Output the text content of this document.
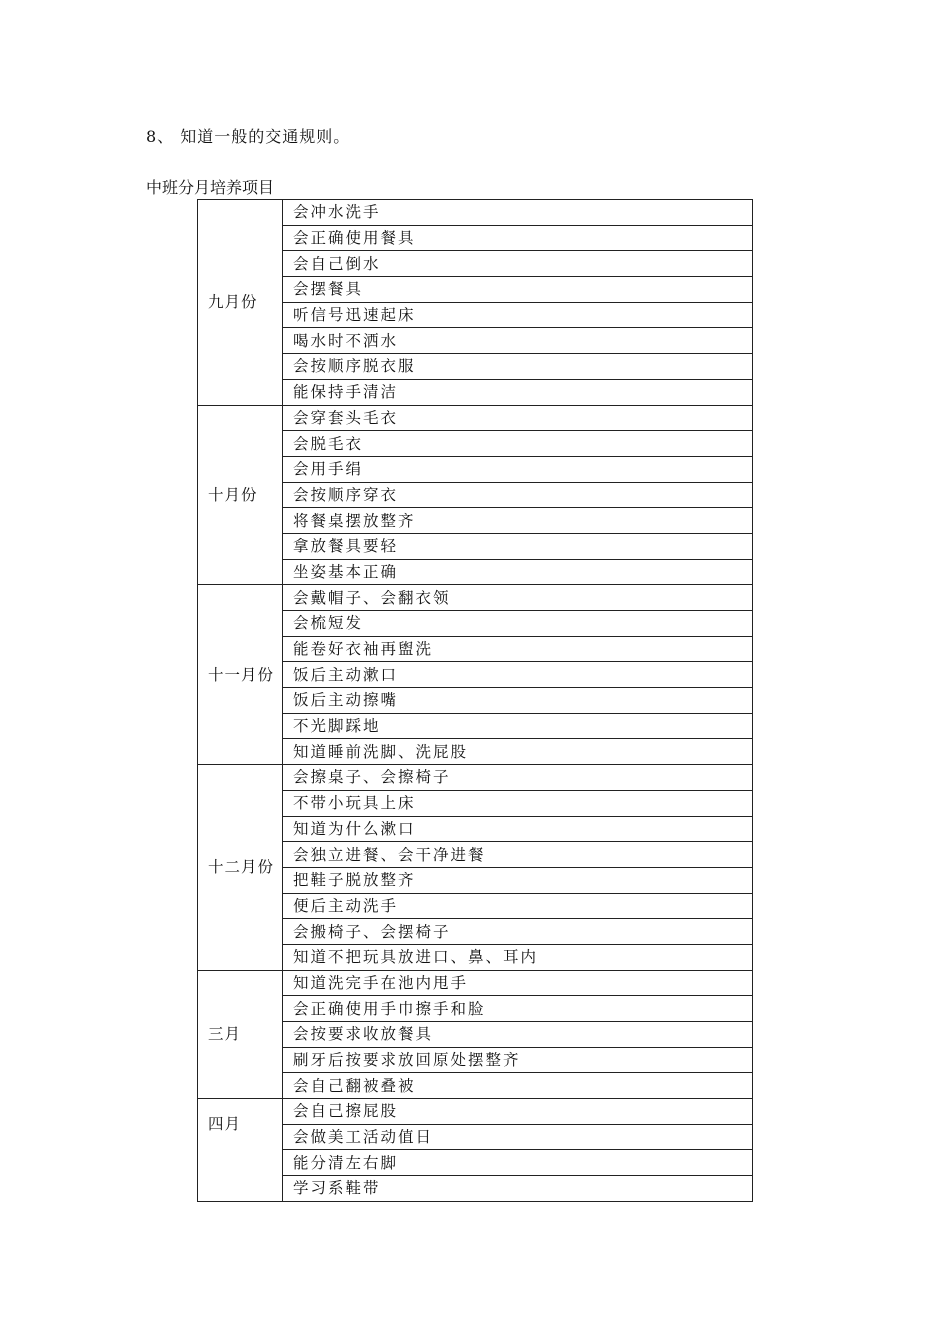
8、 知道一般的交通规则。
中班分月培养项目
九月份	会冲水洗手
	会正确使用餐具
	会自己倒水
	会摆餐具
	听信号迅速起床
	喝水时不洒水
	会按顺序脱衣服
	能保持手清洁
十月份	会穿套头毛衣
	会脱毛衣
	会用手绢
	会按顺序穿衣
	将餐桌摆放整齐
	拿放餐具要轻
	坐姿基本正确
十一月份	会戴帽子、会翻衣领
	会梳短发
	能卷好衣袖再盥洗
	饭后主动漱口
	饭后主动擦嘴
	不光脚踩地
	知道睡前洗脚、洗屁股
十二月份	会擦桌子、会擦椅子
	不带小玩具上床
	知道为什么漱口
	会独立进餐、会干净进餐
	把鞋子脱放整齐
	便后主动洗手
	会搬椅子、会摆椅子
	知道不把玩具放进口、鼻、耳内
三月	知道洗完手在池内甩手
	会正确使用手巾擦手和脸
	会按要求收放餐具
	刷牙后按要求放回原处摆整齐
	会自己翻被叠被
四月	会自己擦屁股
	会做美工活动值日
	能分清左右脚
	学习系鞋带
